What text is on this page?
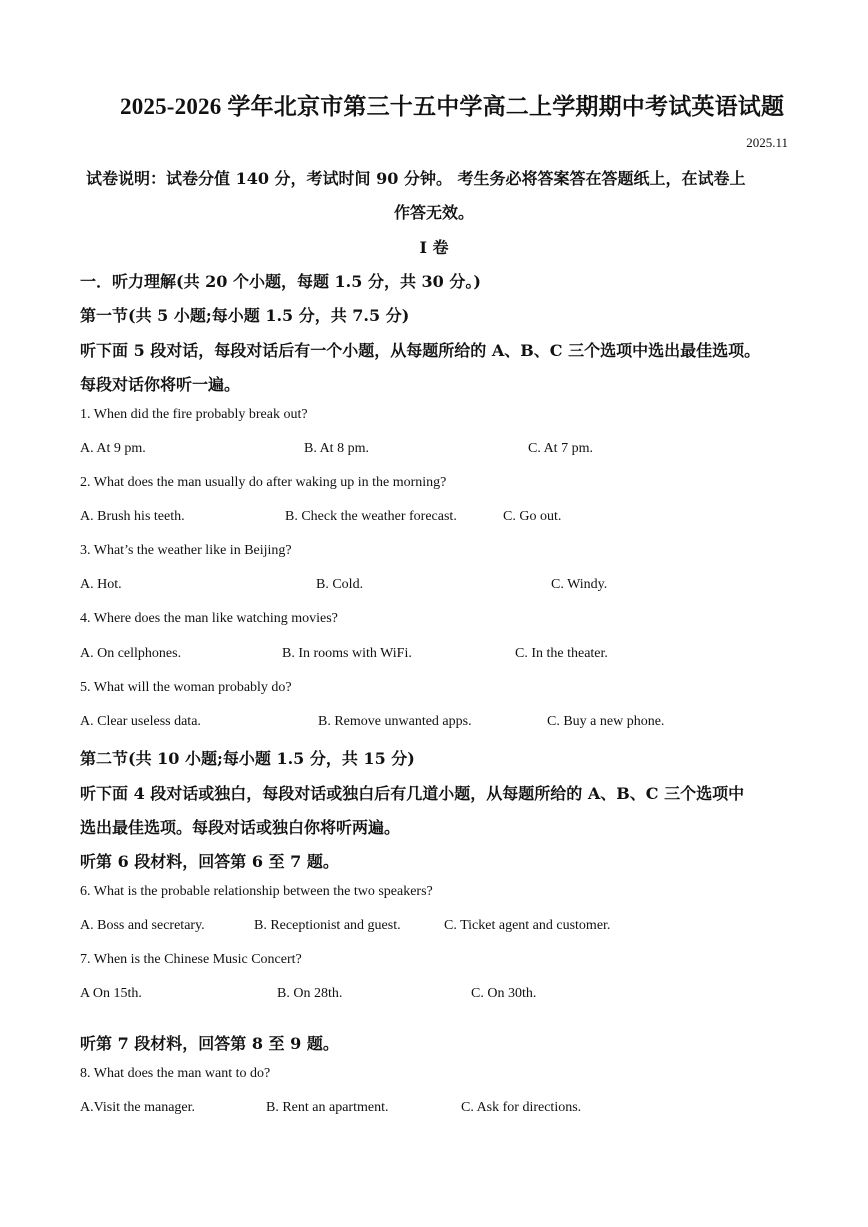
2025-2026 学年北京市第三十五中学高二上学期期中考试英语试题
2025.11
试卷说明：试卷分值 140 分，考试时间 90 分钟。 考生务必将答案答在答题纸上，在试卷上
作答无效。
I 卷
一．听力理解(共 20 个小题，每题 1.5 分，共 30 分。)
第一节(共 5 小题;每小题 1.5 分，共 7.5 分)
听下面 5 段对话，每段对话后有一个小题，从每题所给的 A、B、C 三个选项中选出最佳选项。
每段对话你将听一遍。
1. When did the fire probably break out?
A. At 9 pm.	B. At 8 pm.	C. At 7 pm.
2. What does the man usually do after waking up in the morning?
A. Brush his teeth.	B. Check the weather forecast.	C. Go out.
3. What’s the weather like in Beijing?
A. Hot.	B. Cold.	C. Windy.
4. Where does the man like watching movies?
A. On cellphones.	B. In rooms with WiFi.	C. In the theater.
5. What will the woman probably do?
A. Clear useless data.	B. Remove unwanted apps.	C. Buy a new phone.
第二节(共 10 小题;每小题 1.5 分，共 15 分)
听下面 4 段对话或独白，每段对话或独白后有几道小题，从每题所给的 A、B、C 三个选项中
选出最佳选项。每段对话或独白你将听两遍。
听第 6 段材料，回答第 6 至 7 题。
6. What is the probable relationship between the two speakers?
A. Boss and secretary.	B. Receptionist and guest.	C. Ticket agent and customer.
7. When is the Chinese Music Concert?
A On 15th.	B. On 28th.	C. On 30th.
听第 7 段材料，回答第 8 至 9 题。
8. What does the man want to do?
A.Visit the manager.	B. Rent an apartment.	C. Ask for directions.
